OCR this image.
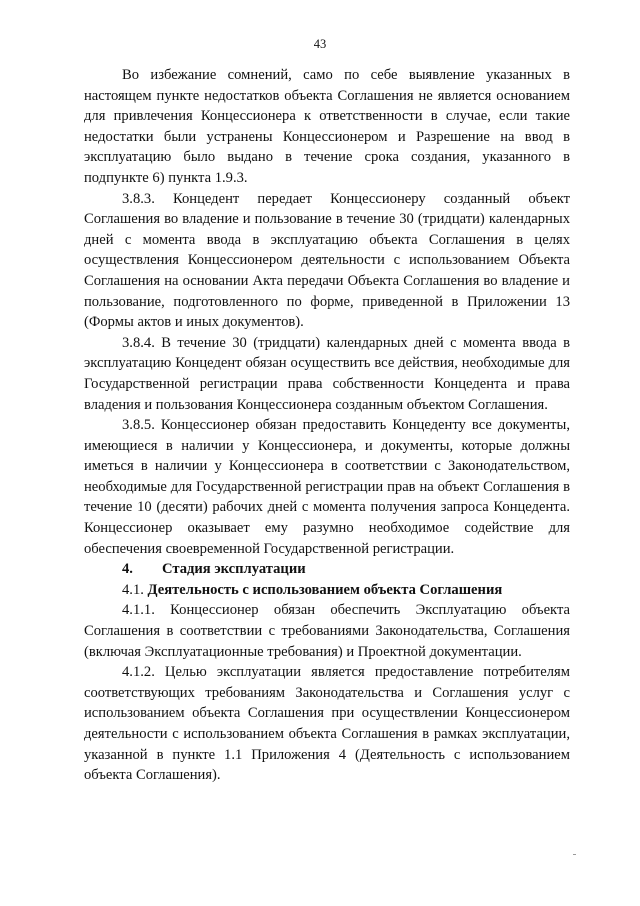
43

Во избежание сомнений, само по себе выявление указанных в настоящем пункте недостатков объекта Соглашения не является основанием для привлечения Концессионера к ответственности в случае, если такие недостатки были устранены Концессионером и Разрешение на ввод в эксплуатацию было выдано в течение срока создания, указанного в подпункте 6) пункта 1.9.3.

3.8.3. Концедент передает Концессионеру созданный объект Соглашения во владение и пользование в течение 30 (тридцати) календарных дней с момента ввода в эксплуатацию объекта Соглашения в целях осуществления Концессионером деятельности с использованием Объекта Соглашения на основании Акта передачи Объекта Соглашения во владение и пользование, подготовленного по форме, приведенной в Приложении 13 (Формы актов и иных документов).

3.8.4. В течение 30 (тридцати) календарных дней с момента ввода в эксплуатацию Концедент обязан осуществить все действия, необходимые для Государственной регистрации права собственности Концедента и права владения и пользования Концессионера созданным объектом Соглашения.

3.8.5. Концессионер обязан предоставить Концеденту все документы, имеющиеся в наличии у Концессионера, и документы, которые должны иметься в наличии у Концессионера в соответствии с Законодательством, необходимые для Государственной регистрации прав на объект Соглашения в течение 10 (десяти) рабочих дней с момента получения запроса Концедента. Концессионер оказывает ему разумно необходимое содействие для обеспечения своевременной Государственной регистрации.

4. Стадия эксплуатации

4.1. Деятельность с использованием объекта Соглашения

4.1.1. Концессионер обязан обеспечить Эксплуатацию объекта Соглашения в соответствии с требованиями Законодательства, Соглашения (включая Эксплуатационные требования) и Проектной документации.

4.1.2. Целью эксплуатации является предоставление потребителям соответствующих требованиям Законодательства и Соглашения услуг с использованием объекта Соглашения при осуществлении Концессионером деятельности с использованием объекта Соглашения в рамках эксплуатации, указанной в пункте 1.1 Приложения 4 (Деятельность с использованием объекта Соглашения).
